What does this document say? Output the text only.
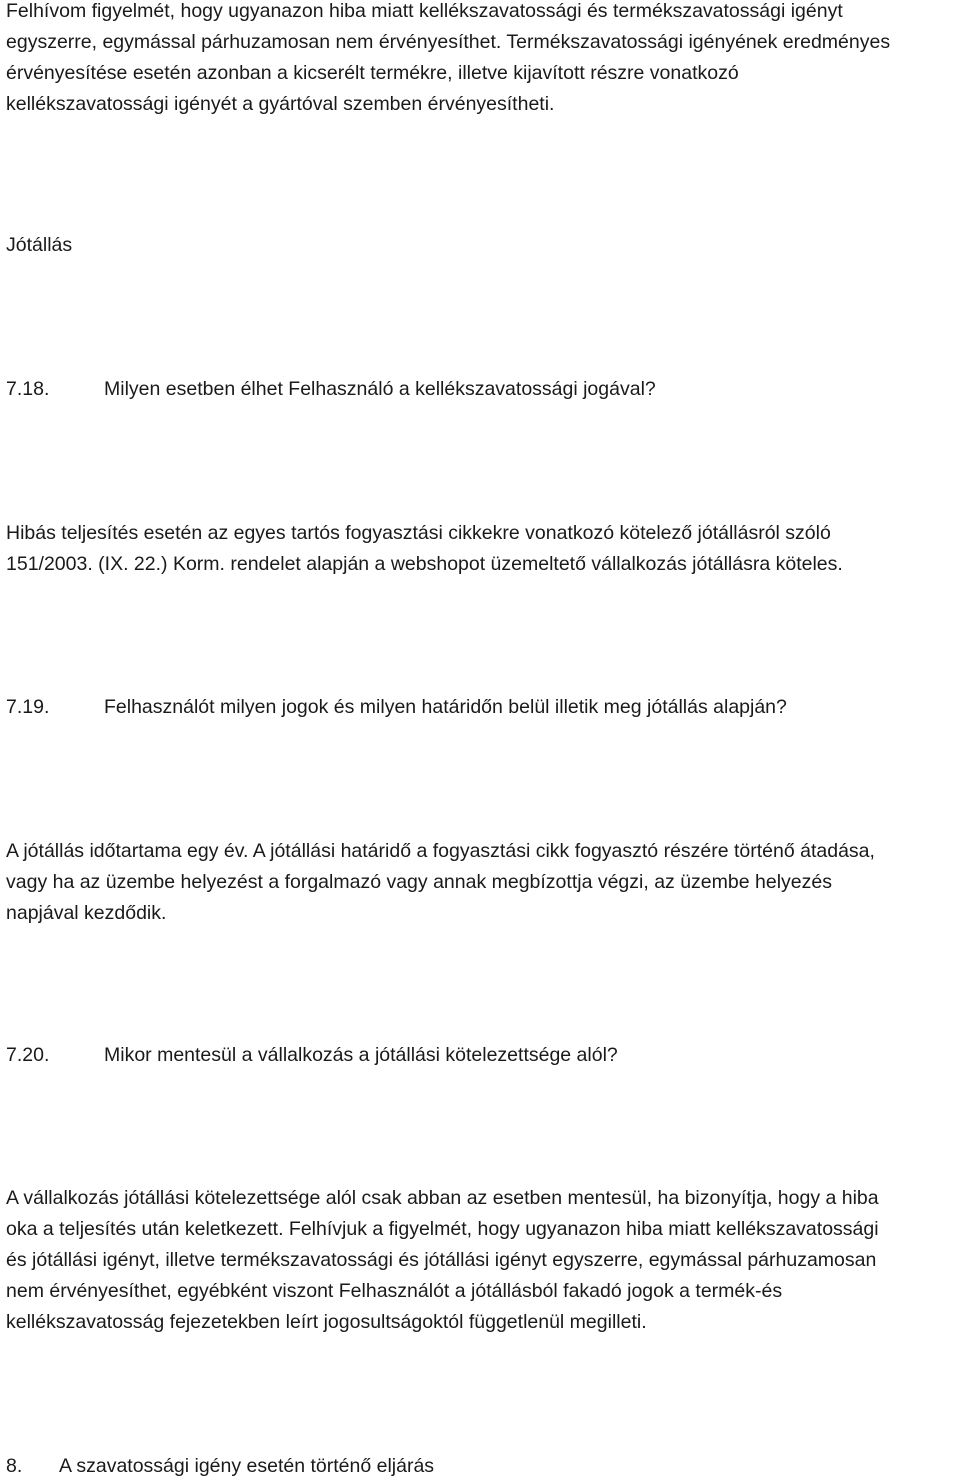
Felhívom figyelmét, hogy ugyanazon hiba miatt kellékszavatossági és termékszavatossági igényt
egyszerre, egymással párhuzamosan nem érvényesíthet. Termékszavatossági igényének eredményes
érvényesítése esetén azonban a kicserélt termékre, illetve kijavított részre vonatkozó
kellékszavatossági igényét a gyártóval szemben érvényesítheti.
Jótállás
7.18.	Milyen esetben élhet Felhasználó a kellékszavatossági jogával?
Hibás teljesítés esetén az egyes tartós fogyasztási cikkekre vonatkozó kötelező jótállásról szóló
151/2003. (IX. 22.) Korm. rendelet alapján a webshopot üzemeltető vállalkozás jótállásra köteles.
7.19.	Felhasználót milyen jogok és milyen határidőn belül illetik meg jótállás alapján?
A jótállás időtartama egy év. A jótállási határidő a fogyasztási cikk fogyasztó részére történő átadása,
vagy ha az üzembe helyezést a forgalmazó vagy annak megbízottja végzi, az üzembe helyezés
napjával kezdődik.
7.20.	Mikor mentesül a vállalkozás a jótállási kötelezettsége alól?
A vállalkozás jótállási kötelezettsége alól csak abban az esetben mentesül, ha bizonyítja, hogy a hiba
oka a teljesítés után keletkezett. Felhívjuk a figyelmét, hogy ugyanazon hiba miatt kellékszavatossági
és jótállási igényt, illetve termékszavatossági és jótállási igényt egyszerre, egymással párhuzamosan
nem érvényesíthet, egyébként viszont Felhasználót a jótállásból fakadó jogok a termék-és
kellékszavatosság fejezetekben leírt jogosultságoktól függetlenül megilleti.
8.	A szavatossági igény esetén történő eljárás
